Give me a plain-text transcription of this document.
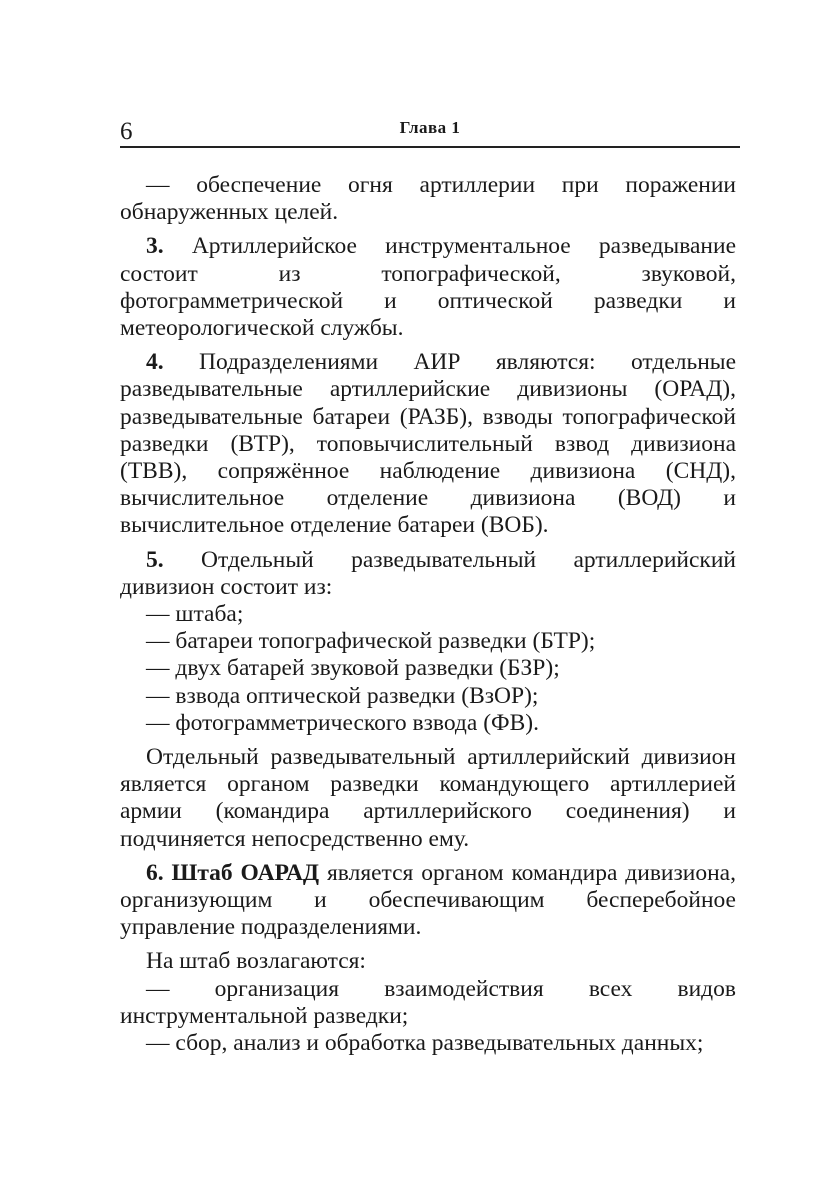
6	Глава 1

— обеспечение огня артиллерии при поражении обнаруженных целей.

3. Артиллерийское инструментальное разведывание состоит из топографической, звуковой, фотограмметрической и оптической разведки и метеорологической службы.

4. Подразделениями АИР являются: отдельные разведывательные артиллерийские дивизионы (ОРАД), разведывательные батареи (РАЗБ), взводы топографической разведки (ВТР), топовычислительный взвод дивизиона (ТВВ), сопряжённое наблюдение дивизиона (СНД), вычислительное отделение дивизиона (ВОД) и вычислительное отделение батареи (ВОБ).

5. Отдельный разведывательный артиллерийский дивизион состоит из:

— штаба;

— батареи топографической разведки (БТР);

— двух батарей звуковой разведки (БЗР);

— взвода оптической разведки (ВзОР);

— фотограмметрического взвода (ФВ).

Отдельный разведывательный артиллерийский дивизион является органом разведки командующего артиллерией армии (командира артиллерийского соединения) и подчиняется непосредственно ему.

6. Штаб ОАРАД является органом командира дивизиона, организующим и обеспечивающим бесперебойное управление подразделениями.

На штаб возлагаются:

— организация взаимодействия всех видов инструментальной разведки;

— сбор, анализ и обработка разведывательных данных;
